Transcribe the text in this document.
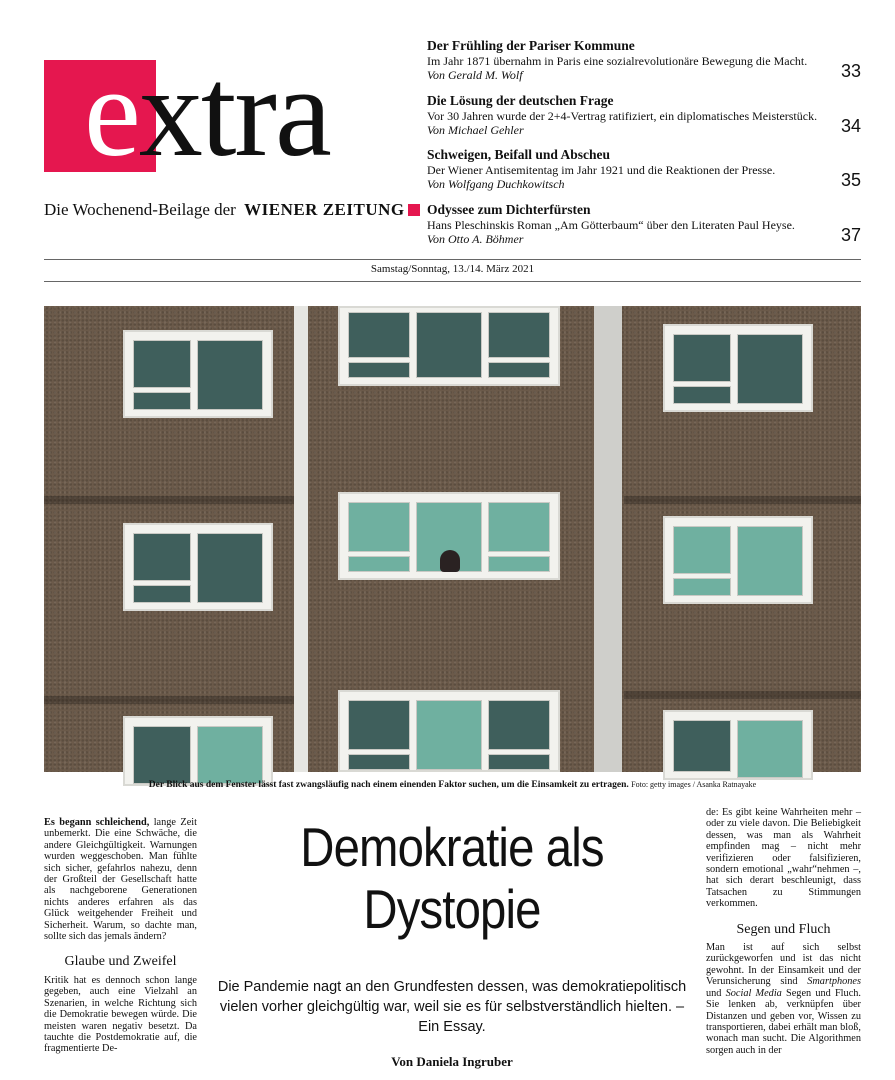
extra
Die Wochenend-Beilage der WIENER ZEITUNG
Der Frühling der Pariser Kommune
Im Jahr 1871 übernahm in Paris eine sozialrevolutionäre Bewegung die Macht.
Von Gerald M. Wolf	33
Die Lösung der deutschen Frage
Vor 30 Jahren wurde der 2+4-Vertrag ratifiziert, ein diplomatisches Meisterstück.
Von Michael Gehler	34
Schweigen, Beifall und Abscheu
Der Wiener Antisemitentag im Jahr 1921 und die Reaktionen der Presse.
Von Wolfgang Duchkowitsch	35
Odyssee zum Dichterfürsten
Hans Pleschinskis Roman „Am Götterbaum“ über den Literaten Paul Heyse.
Von Otto A. Böhmer	37
Samstag/Sonntag, 13./14. März 2021
Der Blick aus dem Fenster lässt fast zwangsläufig nach einem einenden Faktor suchen, um die Einsamkeit zu ertragen. Foto: getty images / Asanka Ratnayake

Es begann schleichend, lange Zeit unbemerkt. Die eine Schwäche, die andere Gleichgültigkeit. Warnungen wurden weggeschoben. Man fühlte sich sicher, gefahrlos nahezu, denn der Großteil der Gesellschaft hatte als nachgeborene Generationen nichts anderes erfahren als das Glück weitgehender Freiheit und Sicherheit. Warum, so dachte man, sollte sich das jemals ändern?

Glaube und Zweifel

Kritik hat es dennoch schon lange gegeben, auch eine Vielzahl an Szenarien, in welche Richtung sich die Demokratie bewegen würde. Die meisten waren negativ besetzt. Da tauchte die Postdemokratie auf, die fragmentierte De-

Demokratie als
Dystopie
Die Pandemie nagt an den Grundfesten dessen, was demokratiepolitisch vielen vorher gleichgültig war, weil sie es für selbstverständlich hielten. – Ein Essay.
Von Daniela Ingruber

de: Es gibt keine Wahrheiten mehr – oder zu viele davon. Die Beliebigkeit dessen, was man als Wahrheit empfinden mag – nicht mehr verifizieren oder falsifizieren, sondern emotional „wahr“nehmen –, hat sich derart beschleunigt, dass Tatsachen zu Stimmungen verkommen.

Segen und Fluch

Man ist auf sich selbst zurückgeworfen und ist das nicht gewohnt. In der Einsamkeit und der Verunsicherung sind Smartphones und Social Media Segen und Fluch. Sie lenken ab, verknüpfen über Distanzen und geben vor, Wissen zu transportieren, dabei erhält man bloß, wonach man sucht. Die Algorithmen sorgen auch in der
